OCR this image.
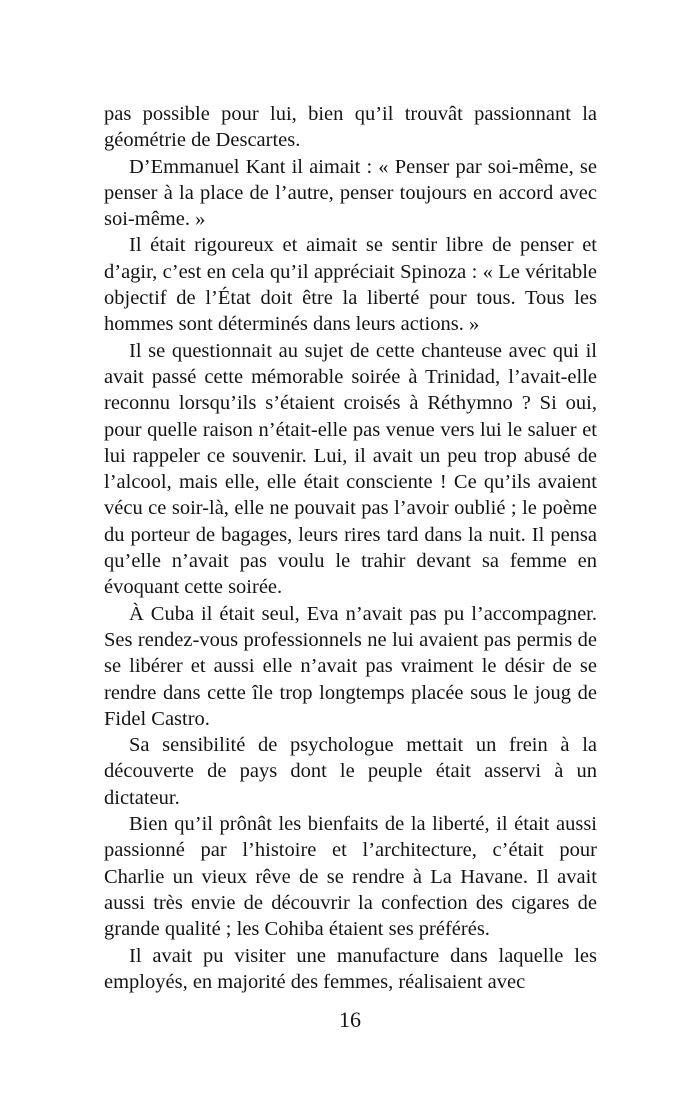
pas possible pour lui, bien qu’il trouvât passionnant la géométrie de Descartes.

D’Emmanuel Kant il aimait : « Penser par soi-même, se penser à la place de l’autre, penser toujours en accord avec soi-même. »

Il était rigoureux et aimait se sentir libre de penser et d’agir, c’est en cela qu’il appréciait Spinoza : « Le véritable objectif de l’État doit être la liberté pour tous. Tous les hommes sont déterminés dans leurs actions. »

Il se questionnait au sujet de cette chanteuse avec qui il avait passé cette mémorable soirée à Trinidad, l’avait-elle reconnu lorsqu’ils s’étaient croisés à Réthymno ? Si oui, pour quelle raison n’était-elle pas venue vers lui le saluer et lui rappeler ce souvenir. Lui, il avait un peu trop abusé de l’alcool, mais elle, elle était consciente ! Ce qu’ils avaient vécu ce soir-là, elle ne pouvait pas l’avoir oublié ; le poème du porteur de bagages, leurs rires tard dans la nuit. Il pensa qu’elle n’avait pas voulu le trahir devant sa femme en évoquant cette soirée.

À Cuba il était seul, Eva n’avait pas pu l’accompagner. Ses rendez-vous professionnels ne lui avaient pas permis de se libérer et aussi elle n’avait pas vraiment le désir de se rendre dans cette île trop longtemps placée sous le joug de Fidel Castro.

Sa sensibilité de psychologue mettait un frein à la découverte de pays dont le peuple était asservi à un dictateur.

Bien qu’il prônât les bienfaits de la liberté, il était aussi passionné par l’histoire et l’architecture, c’était pour Charlie un vieux rêve de se rendre à La Havane. Il avait aussi très envie de découvrir la confection des cigares de grande qualité ; les Cohiba étaient ses préférés.

Il avait pu visiter une manufacture dans laquelle les employés, en majorité des femmes, réalisaient avec

16
